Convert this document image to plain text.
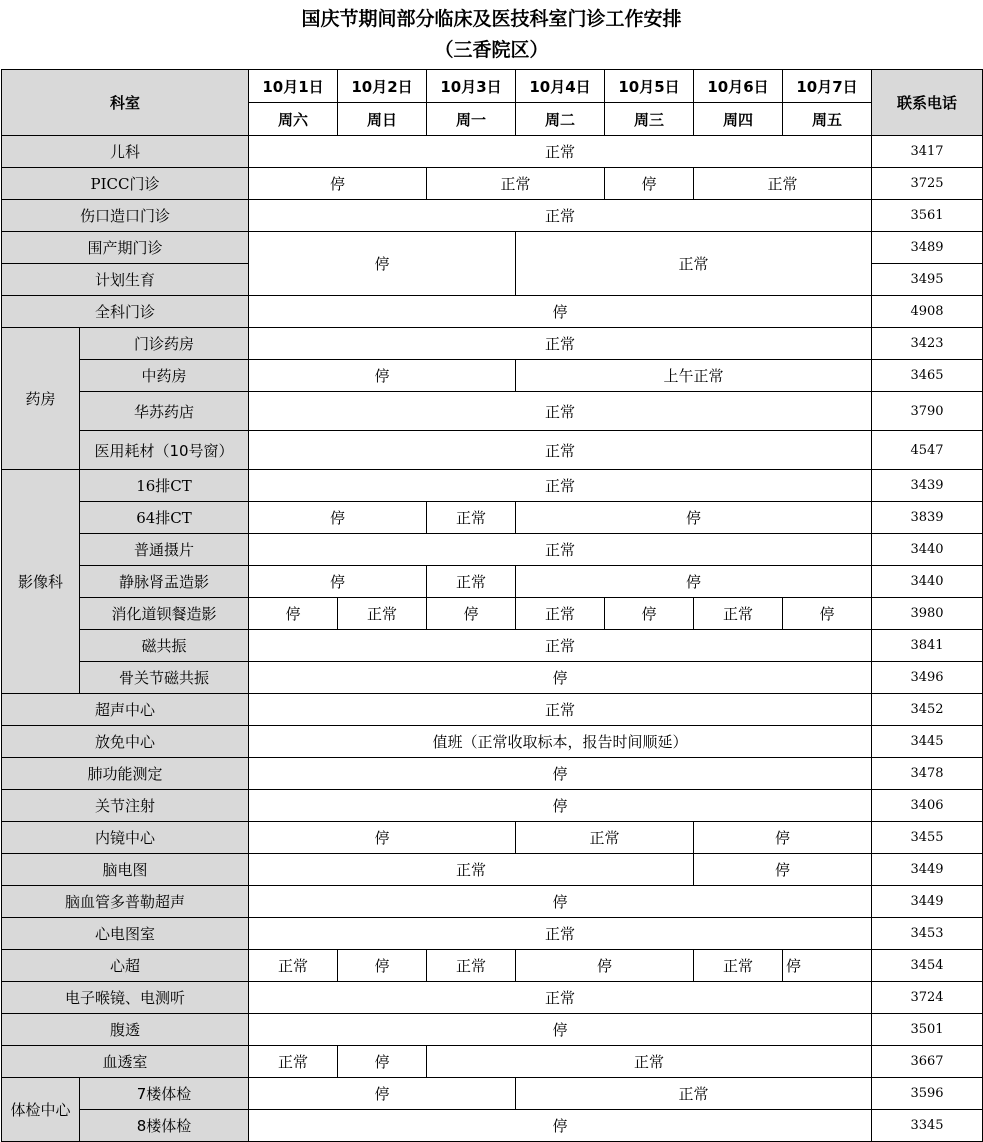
国庆节期间部分临床及医技科室门诊工作安排
（三香院区）
科室		10月1日	10月2日	10月3日	10月4日	10月5日	10月6日	10月7日	联系电话
		周六	周日	周一	周二	周三	周四	周五	
儿科		正常							3417
PICC门诊		停		正常		停	正常		3725
伤口造口门诊		正常							3561
围产期门诊		停			正常				3489
计划生育									3495
全科门诊		停							4908
药房	门诊药房	正常							3423
	中药房	停			上午正常				3465
	华苏药店	正常							3790
	医用耗材（10号窗）	正常							4547
影像科	16排CT	正常							3439
	64排CT	停		正常	停				3839
	普通摄片	正常							3440
	静脉肾盂造影	停		正常	停				3440
	消化道钡餐造影	停	正常	停	正常	停	正常	停	3980
	磁共振	正常							3841
	骨关节磁共振	停							3496
超声中心		正常							3452
放免中心		值班（正常收取标本，报告时间顺延）							3445
肺功能测定		停							3478
关节注射		停							3406
内镜中心		停			正常		停		3455
脑电图		正常					停		3449
脑血管多普勒超声		停							3449
心电图室		正常							3453
心超		正常	停	正常	停		正常	停	3454
电子喉镜、电测听		正常							3724
腹透		停							3501
血透室		正常	停	正常					3667
体检中心	7楼体检	停			正常				3596
	8楼体检	停							3345
